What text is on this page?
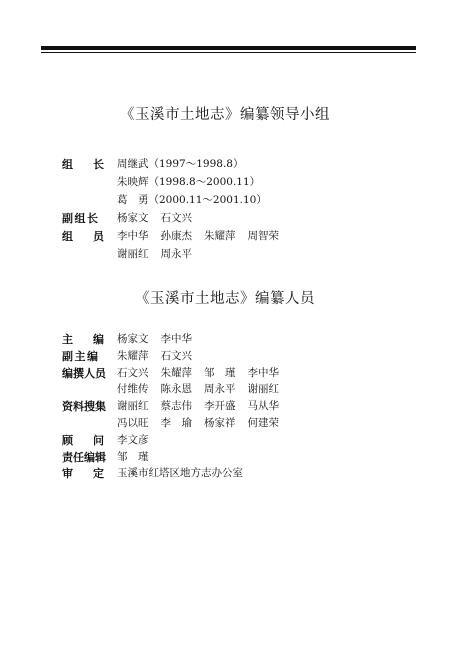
《玉溪市土地志》编纂领导小组
组 长 周继武（1997～1998.8）
朱映辉（1998.8～2000.11）
葛　勇（2000.11～2001.10）
副 组 长 杨家文 石文兴
组 员 李中华 孙康杰 朱耀萍 周智荣
谢丽红 周永平
《玉溪市土地志》编纂人员
主 编 杨家文 李中华
副 主 编 朱耀萍 石文兴
编 撰 人 员 石文兴 朱耀萍 邹　瑾 李中华
付维传 陈永恩 周永平 谢丽红
资 料 搜 集 谢丽红 蔡志伟 李开盛 马从华
冯以旺 李　瑜 杨家祥 何建荣
顾 问 李文彦
责 任 编 辑 邹　瑾
审 定 玉溪市红塔区地方志办公室
